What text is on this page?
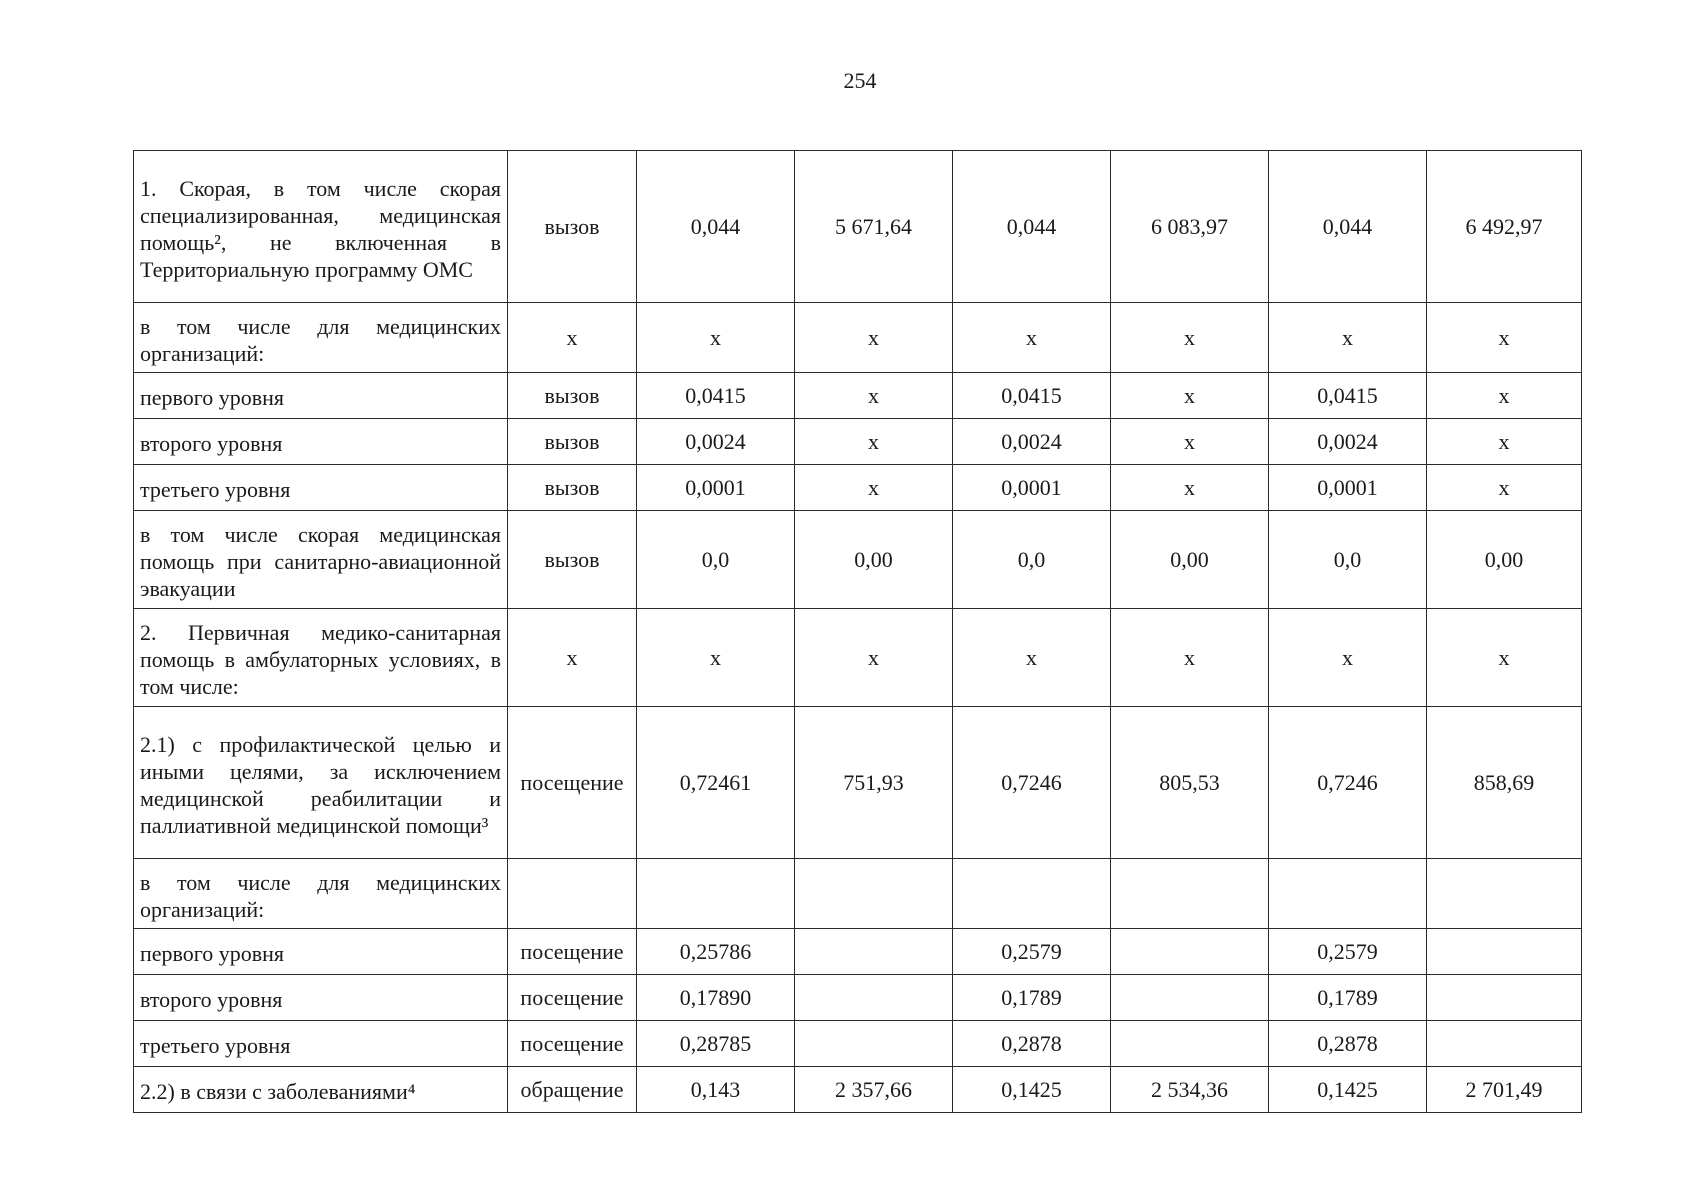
254
1. Скорая, в том числе скорая специализированная, медицинская помощь², не включенная в Территориальную программу ОМС	вызов	0,044	5 671,64	0,044	6 083,97	0,044	6 492,97
в том числе для медицинских организаций:	х	х	х	х	х	х	х
первого уровня	вызов	0,0415	х	0,0415	х	0,0415	х
второго уровня	вызов	0,0024	х	0,0024	х	0,0024	х
третьего уровня	вызов	0,0001	х	0,0001	х	0,0001	х
в том числе скорая медицинская помощь при санитарно-авиационной эвакуации	вызов	0,0	0,00	0,0	0,00	0,0	0,00
2. Первичная медико-санитарная помощь в амбулаторных условиях, в том числе:	х	х	х	х	х	х	х
2.1) с профилактической целью и иными целями, за исключением медицинской реабилитации и паллиативной медицинской помощи³	посещение	0,72461	751,93	0,7246	805,53	0,7246	858,69
в том числе для медицинских организаций:							
первого уровня	посещение	0,25786		0,2579		0,2579	
второго уровня	посещение	0,17890		0,1789		0,1789	
третьего уровня	посещение	0,28785		0,2878		0,2878	
2.2) в связи с заболеваниями⁴	обращение	0,143	2 357,66	0,1425	2 534,36	0,1425	2 701,49
